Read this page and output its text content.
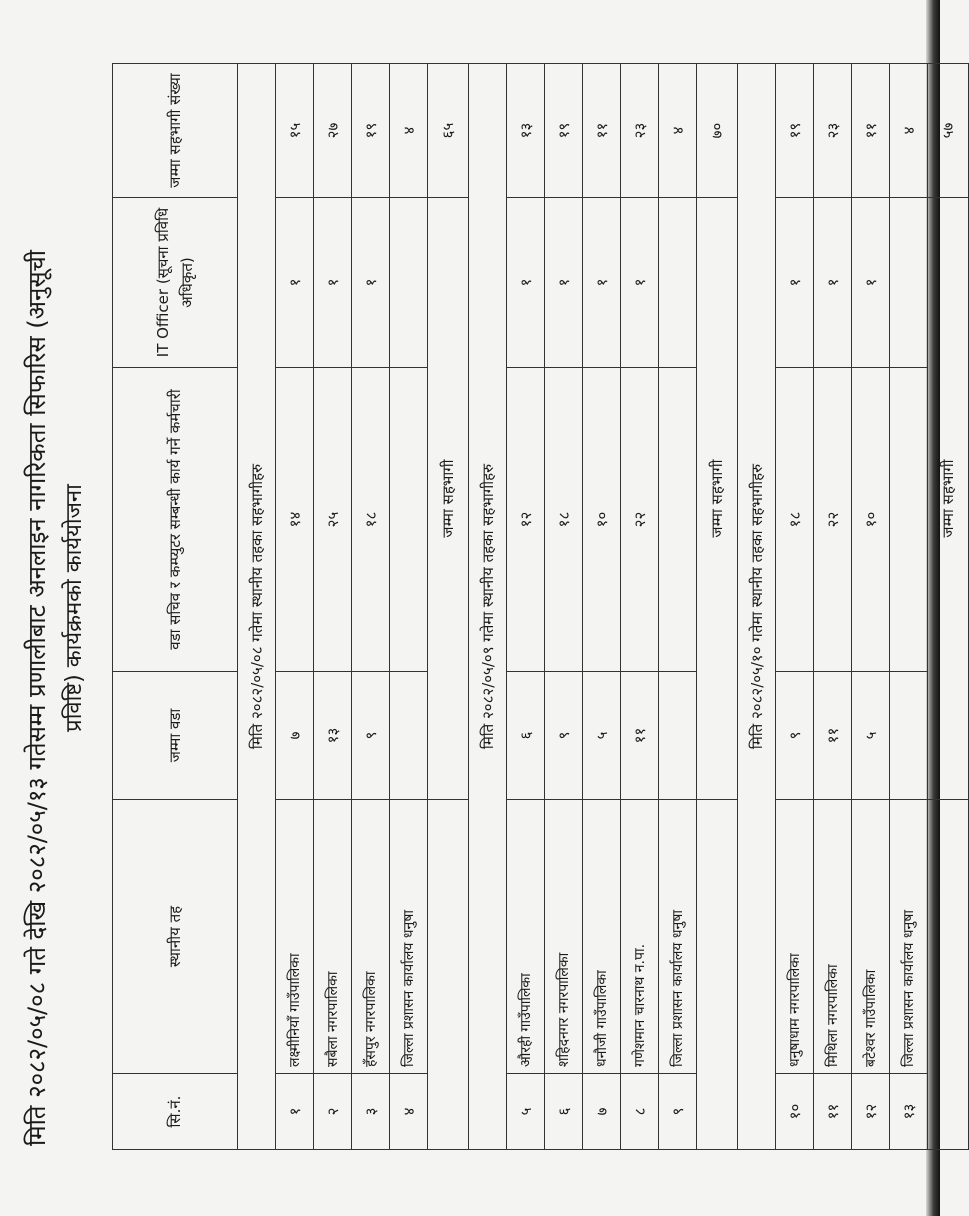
मिति २०८२/०५/०८ गते देखि २०८२/०५/१३ गतेसम्म प्रणालीबाट अनलाइन नागरिकता सिफारिस (अनुसूची प्रविष्टि) कार्यक्रमको कार्ययोजना
सि.नं.	स्थानीय तह	जम्मा वडा	वडा सचिव र कम्प्युटर सम्बन्धी कार्य गर्ने कर्मचारी	IT Officer (सूचना प्रविधि अधिकृत)	जम्मा सहभागी संख्या
मिति २०८२/०५/०८ गतेमा स्थानीय तहका सहभागीहरु					
१	लक्ष्मीनियाँ गाउँपालिका	७	१४	१	१५
२	सबैला नगरपालिका	१३	२५	१	२७
३	हँसपुर नगरपालिका	९	१८	१	१९
४	जिल्ला प्रशासन कार्यालय धनुषा				४
		जम्मा सहभागी			६५
मिति २०८२/०५/०९ गतेमा स्थानीय तहका सहभागीहरु					
५	औरही गाउँपालिका	६	१२	१	१३
६	शहिदनगर नगरपालिका	९	१८	१	१९
७	धनौजी गाउँपालिका	५	१०	१	११
८	गणेशमान चारनाथ न.पा.	११	२२	१	२३
९	जिल्ला प्रशासन कार्यालय धनुषा				४
		जम्मा सहभागी			७०
मिति २०८२/०५/१० गतेमा स्थानीय तहका सहभागीहरु					
१०	धनुषाधाम नगरपालिका	९	१८	१	१९
११	मिथिला नगरपालिका	११	२२	१	२३
१२	बटेश्वर गाउँपालिका	५	१०	१	११
१३	जिल्ला प्रशासन कार्यालय धनुषा				४
		जम्मा सहभागी			५७
